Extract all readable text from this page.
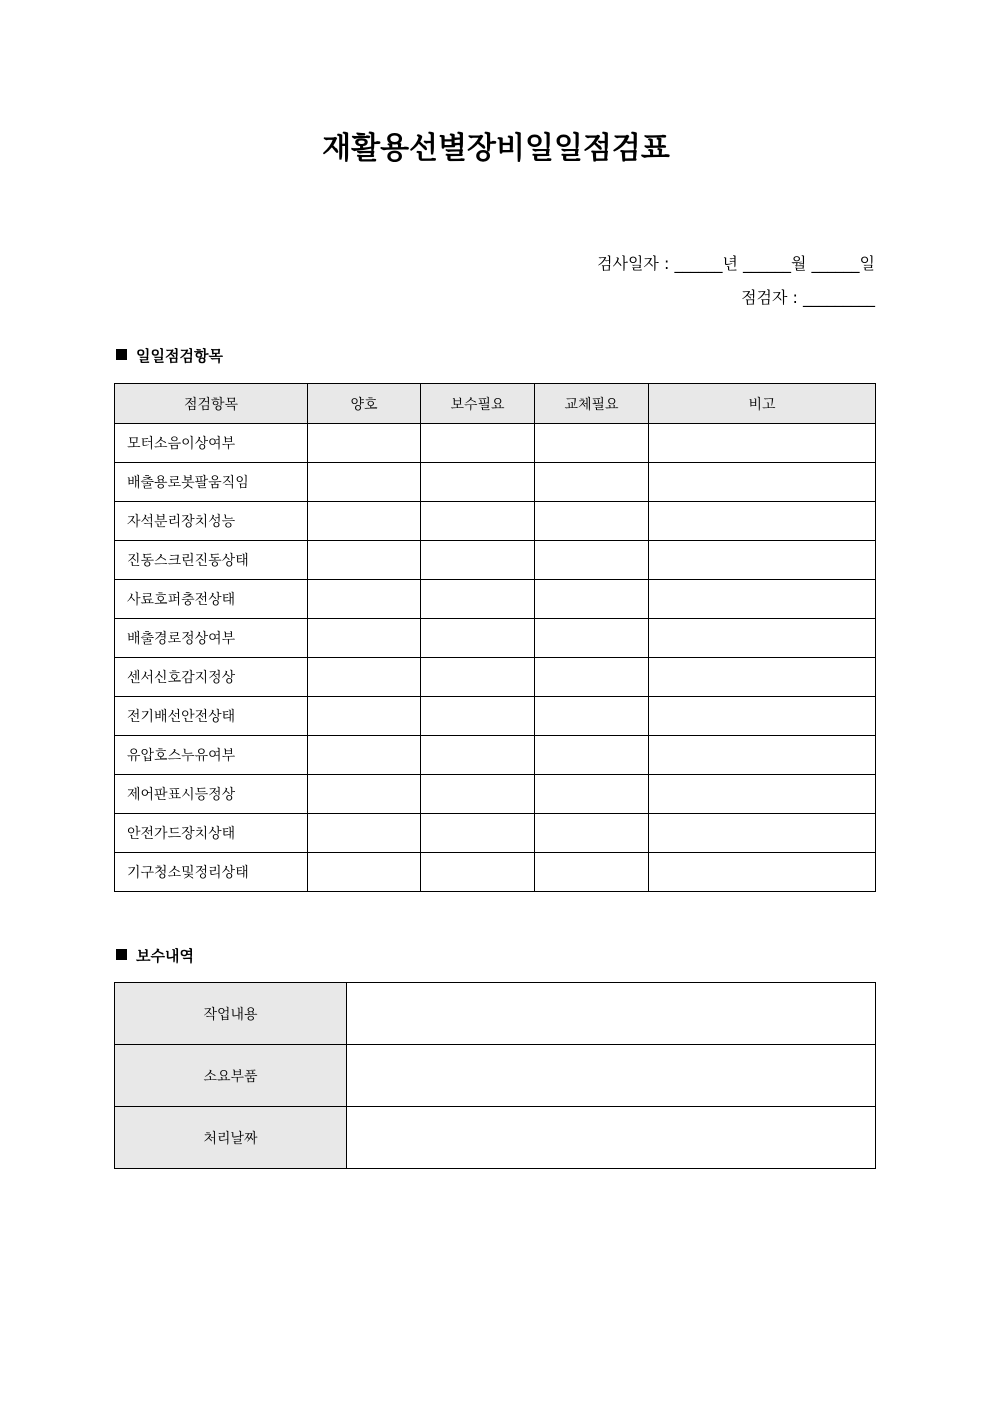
재활용선별장비일일점검표
검사일자 : ______년 ______월 ______일
점검자 : _________
일일점검항목
점검항목	양호	보수필요	교체필요	비고
모터소음이상여부				
배출용로봇팔움직임				
자석분리장치성능				
진동스크린진동상태				
사료호퍼충전상태				
배출경로정상여부				
센서신호감지정상				
전기배선안전상태				
유압호스누유여부				
제어판표시등정상				
안전가드장치상태				
기구청소및정리상태				
보수내역
작업내용	
소요부품	
처리날짜	
